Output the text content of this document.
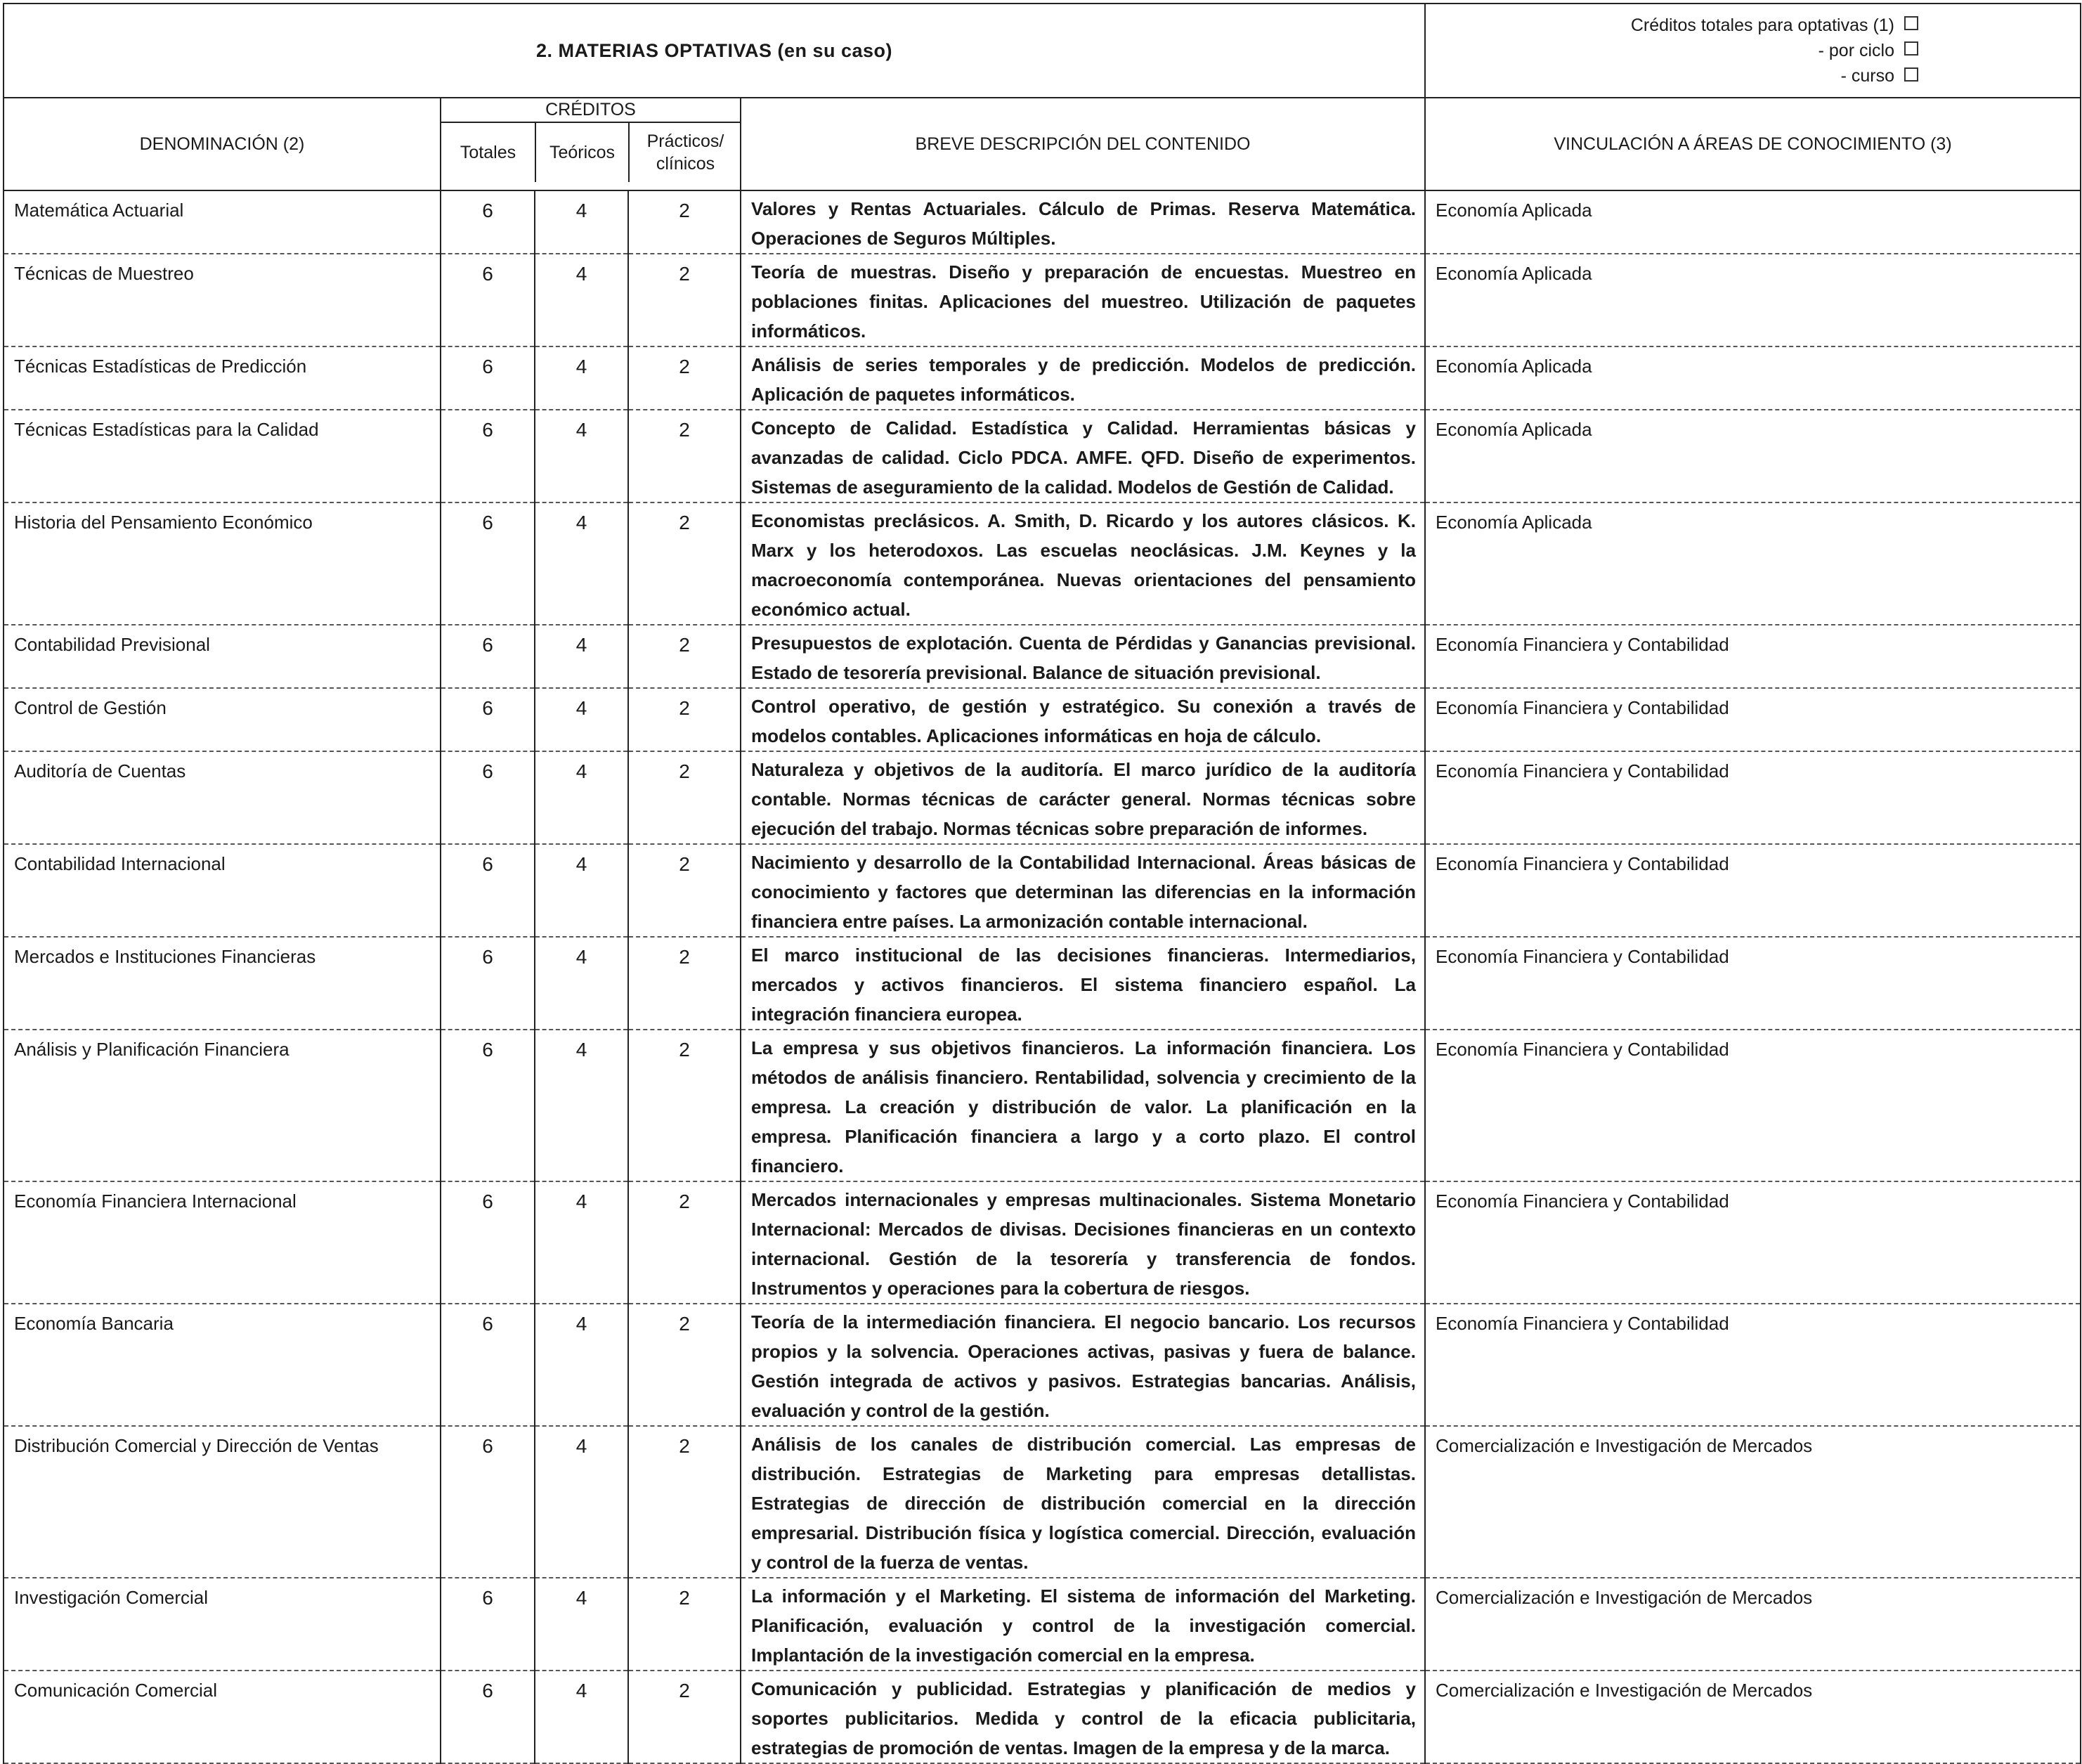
2. MATERIAS OPTATIVAS (en su caso)	
Créditos totales para optativas (1)
- por ciclo
- curso

DENOMINACIÓN (2)	
CRÉDITOS
Totales	Teóricos	Prácticos/ clínicos
	BREVE DESCRIPCIÓN DEL CONTENIDO	VINCULACIÓN A ÁREAS DE CONOCIMIENTO (3)
Matemática Actuarial	6	4	2	Valores y Rentas Actuariales. Cálculo de Primas. Reserva Matemática. Operaciones de Seguros Múltiples.	Economía Aplicada
Técnicas de Muestreo	6	4	2	Teoría de muestras. Diseño y preparación de encuestas. Muestreo en poblaciones finitas. Aplicaciones del muestreo. Utilización de paquetes informáticos.	Economía Aplicada
Técnicas Estadísticas de Predicción	6	4	2	Análisis de series temporales y de predicción. Modelos de predicción. Aplicación de paquetes informáticos.	Economía Aplicada
Técnicas Estadísticas para la Calidad	6	4	2	Concepto de Calidad. Estadística y Calidad. Herramientas básicas y avanzadas de calidad. Ciclo PDCA. AMFE. QFD. Diseño de experimentos. Sistemas de aseguramiento de la calidad. Modelos de Gestión de Calidad.	Economía Aplicada
Historia del Pensamiento Económico	6	4	2	Economistas preclásicos. A. Smith, D. Ricardo y los autores clásicos. K. Marx y los heterodoxos. Las escuelas neoclásicas. J.M. Keynes y la macroeconomía contemporánea. Nuevas orientaciones del pensamiento económico actual.	Economía Aplicada
Contabilidad Previsional	6	4	2	Presupuestos de explotación. Cuenta de Pérdidas y Ganancias previsional. Estado de tesorería previsional. Balance de situación previsional.	Economía Financiera y Contabilidad
Control de Gestión	6	4	2	Control operativo, de gestión y estratégico. Su conexión a través de modelos contables. Aplicaciones informáticas en hoja de cálculo.	Economía Financiera y Contabilidad
Auditoría de Cuentas	6	4	2	Naturaleza y objetivos de la auditoría. El marco jurídico de la auditoría contable. Normas técnicas de carácter general. Normas técnicas sobre ejecución del trabajo. Normas técnicas sobre preparación de informes.	Economía Financiera y Contabilidad
Contabilidad Internacional	6	4	2	Nacimiento y desarrollo de la Contabilidad Internacional. Áreas básicas de conocimiento y factores que determinan las diferencias en la información financiera entre países. La armonización contable internacional.	Economía Financiera y Contabilidad
Mercados e Instituciones Financieras	6	4	2	El marco institucional de las decisiones financieras. Intermediarios, mercados y activos financieros. El sistema financiero español. La integración financiera europea.	Economía Financiera y Contabilidad
Análisis y Planificación Financiera	6	4	2	La empresa y sus objetivos financieros. La información financiera. Los métodos de análisis financiero. Rentabilidad, solvencia y crecimiento de la empresa. La creación y distribución de valor. La planificación en la empresa. Planificación financiera a largo y a corto plazo. El control financiero.	Economía Financiera y Contabilidad
Economía Financiera Internacional	6	4	2	Mercados internacionales y empresas multinacionales. Sistema Monetario Internacional: Mercados de divisas. Decisiones financieras en un contexto internacional. Gestión de la tesorería y transferencia de fondos. Instrumentos y operaciones para la cobertura de riesgos.	Economía Financiera y Contabilidad
Economía Bancaria	6	4	2	Teoría de la intermediación financiera. El negocio bancario. Los recursos propios y la solvencia. Operaciones activas, pasivas y fuera de balance. Gestión integrada de activos y pasivos. Estrategias bancarias. Análisis, evaluación y control de la gestión.	Economía Financiera y Contabilidad
Distribución Comercial y Dirección de Ventas	6	4	2	Análisis de los canales de distribución comercial. Las empresas de distribución. Estrategias de Marketing para empresas detallistas. Estrategias de dirección de distribución comercial en la dirección empresarial. Distribución física y logística comercial. Dirección, evaluación y control de la fuerza de ventas.	Comercialización e Investigación de Mercados
Investigación Comercial	6	4	2	La información y el Marketing. El sistema de información del Marketing. Planificación, evaluación y control de la investigación comercial. Implantación de la investigación comercial en la empresa.	Comercialización e Investigación de Mercados
Comunicación Comercial	6	4	2	Comunicación y publicidad. Estrategias y planificación de medios y soportes publicitarios. Medida y control de la eficacia publicitaria, estrategias de promoción de ventas. Imagen de la empresa y de la marca.	Comercialización e Investigación de Mercados
